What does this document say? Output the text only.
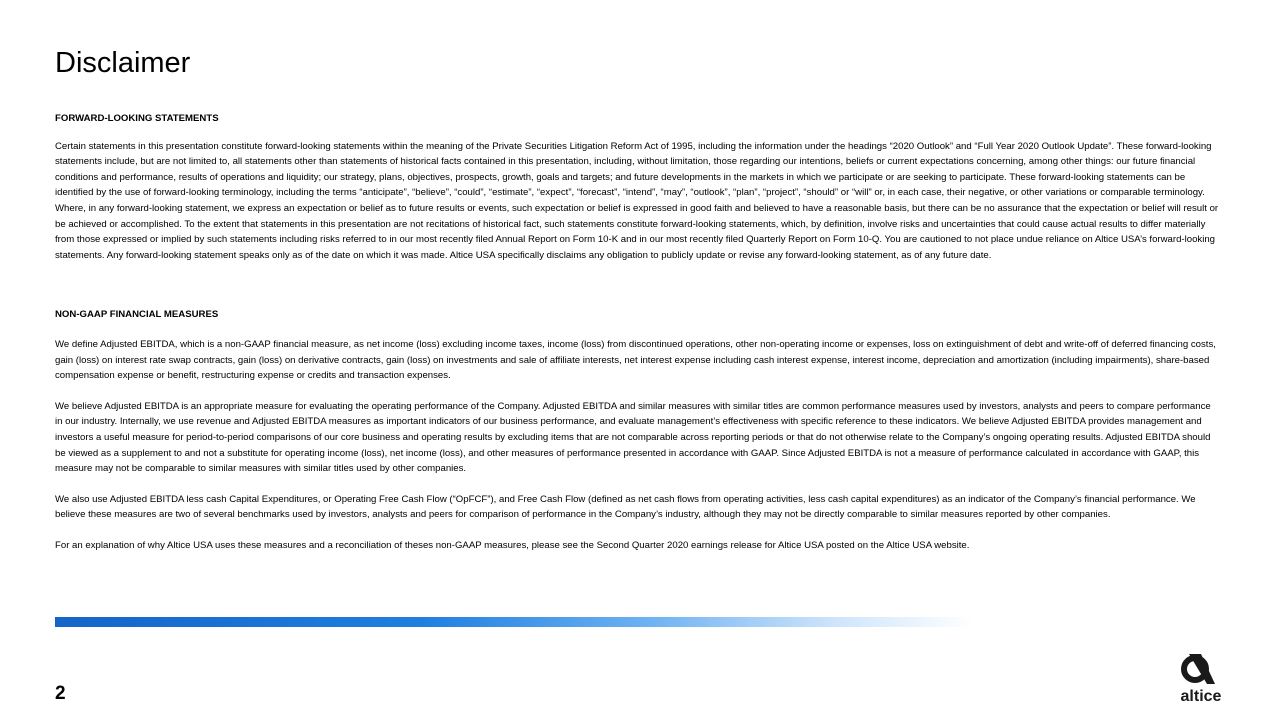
Disclaimer

FORWARD-LOOKING STATEMENTS

Certain statements in this presentation constitute forward-looking statements within the meaning of the Private Securities Litigation Reform Act of 1995, including the information under the headings “2020 Outlook” and “Full Year 2020 Outlook Update”. These forward-looking statements include, but are not limited to, all statements other than statements of historical facts contained in this presentation, including, without limitation, those regarding our intentions, beliefs or current expectations concerning, among other things: our future financial conditions and performance, results of operations and liquidity; our strategy, plans, objectives, prospects, growth, goals and targets; and future developments in the markets in which we participate or are seeking to participate. These forward-looking statements can be identified by the use of forward-looking terminology, including the terms “anticipate”, “believe”, “could”, “estimate”, “expect”, “forecast”, “intend”, “may”, “outlook”, “plan”, “project”, “should” or “will” or, in each case, their negative, or other variations or comparable terminology. Where, in any forward-looking statement, we express an expectation or belief as to future results or events, such expectation or belief is expressed in good faith and believed to have a reasonable basis, but there can be no assurance that the expectation or belief will result or be achieved or accomplished. To the extent that statements in this presentation are not recitations of historical fact, such statements constitute forward-looking statements, which, by definition, involve risks and uncertainties that could cause actual results to differ materially from those expressed or implied by such statements including risks referred to in our most recently filed Annual Report on Form 10-K and in our most recently filed Quarterly Report on Form 10-Q. You are cautioned to not place undue reliance on Altice USA’s forward-looking statements. Any forward-looking statement speaks only as of the date on which it was made. Altice USA specifically disclaims any obligation to publicly update or revise any forward-looking statement, as of any future date.

NON-GAAP FINANCIAL MEASURES

We define Adjusted EBITDA, which is a non-GAAP financial measure, as net income (loss) excluding income taxes, income (loss) from discontinued operations, other non-operating income or expenses, loss on extinguishment of debt and write-off of deferred financing costs, gain (loss) on interest rate swap contracts, gain (loss) on derivative contracts, gain (loss) on investments and sale of affiliate interests, net interest expense including cash interest expense, interest income, depreciation and amortization (including impairments), share-based compensation expense or benefit, restructuring expense or credits and transaction expenses.

We believe Adjusted EBITDA is an appropriate measure for evaluating the operating performance of the Company. Adjusted EBITDA and similar measures with similar titles are common performance measures used by investors, analysts and peers to compare performance in our industry. Internally, we use revenue and Adjusted EBITDA measures as important indicators of our business performance, and evaluate management’s effectiveness with specific reference to these indicators. We believe Adjusted EBITDA provides management and investors a useful measure for period-to-period comparisons of our core business and operating results by excluding items that are not comparable across reporting periods or that do not otherwise relate to the Company’s ongoing operating results. Adjusted EBITDA should be viewed as a supplement to and not a substitute for operating income (loss), net income (loss), and other measures of performance presented in accordance with GAAP. Since Adjusted EBITDA is not a measure of performance calculated in accordance with GAAP, this measure may not be comparable to similar measures with similar titles used by other companies.

We also use Adjusted EBITDA less cash Capital Expenditures, or Operating Free Cash Flow (“OpFCF”), and Free Cash Flow (defined as net cash flows from operating activities, less cash capital expenditures) as an indicator of the Company’s financial performance. We believe these measures are two of several benchmarks used by investors, analysts and peers for comparison of performance in the Company’s industry, although they may not be directly comparable to similar measures reported by other companies.

For an explanation of why Altice USA uses these measures and a reconciliation of theses non-GAAP measures, please see the Second Quarter 2020 earnings release for Altice USA posted on the Altice USA website.

2	altice
